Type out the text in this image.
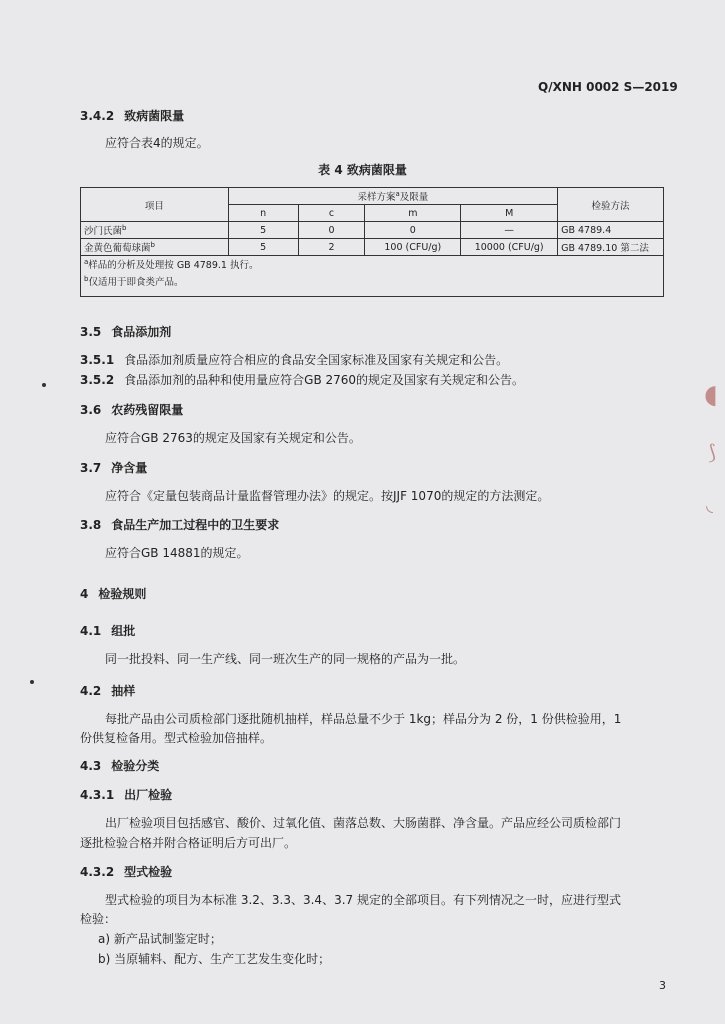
Q/XNH 0002 S—2019
3.4.2 致病菌限量
应符合表4的规定。
表 4 致病菌限量
项目	采样方案$^a$及限量				检验方法
	n	c	m	M	
沙门氏菌$^b$	5	0	0	—	GB 4789.4
金黄色葡萄球菌$^b$	5	2	100 (CFU/g)	10000 (CFU/g)	GB 4789.10 第二法
$^a$样品的分析及处理按 GB 4789.1 执行。					
$^b$仅适用于即食类产品。					
3.5 食品添加剂
3.5.1 食品添加剂质量应符合相应的食品安全国家标准及国家有关规定和公告。
3.5.2 食品添加剂的品种和使用量应符合GB 2760的规定及国家有关规定和公告。
3.6 农药残留限量
应符合GB 2763的规定及国家有关规定和公告。
3.7 净含量
应符合《定量包装商品计量监督管理办法》的规定。按JJF 1070的规定的方法测定。
3.8 食品生产加工过程中的卫生要求
应符合GB 14881的规定。
4 检验规则
4.1 组批
同一批投料、同一生产线、同一班次生产的同一规格的产品为一批。
4.2 抽样
每批产品由公司质检部门逐批随机抽样，样品总量不少于 1kg；样品分为 2 份，1 份供检验用，1
份供复检备用。型式检验加倍抽样。
4.3 检验分类
4.3.1 出厂检验
出厂检验项目包括感官、酸价、过氧化值、菌落总数、大肠菌群、净含量。产品应经公司质检部门
逐批检验合格并附合格证明后方可出厂。
4.3.2 型式检验
型式检验的项目为本标准 3.2、3.3、3.4、3.7 规定的全部项目。有下列情况之一时，应进行型式
检验：
a) 新产品试制鉴定时；
b) 当原辅料、配方、生产工艺发生变化时；
3
◖
⟆
◟
